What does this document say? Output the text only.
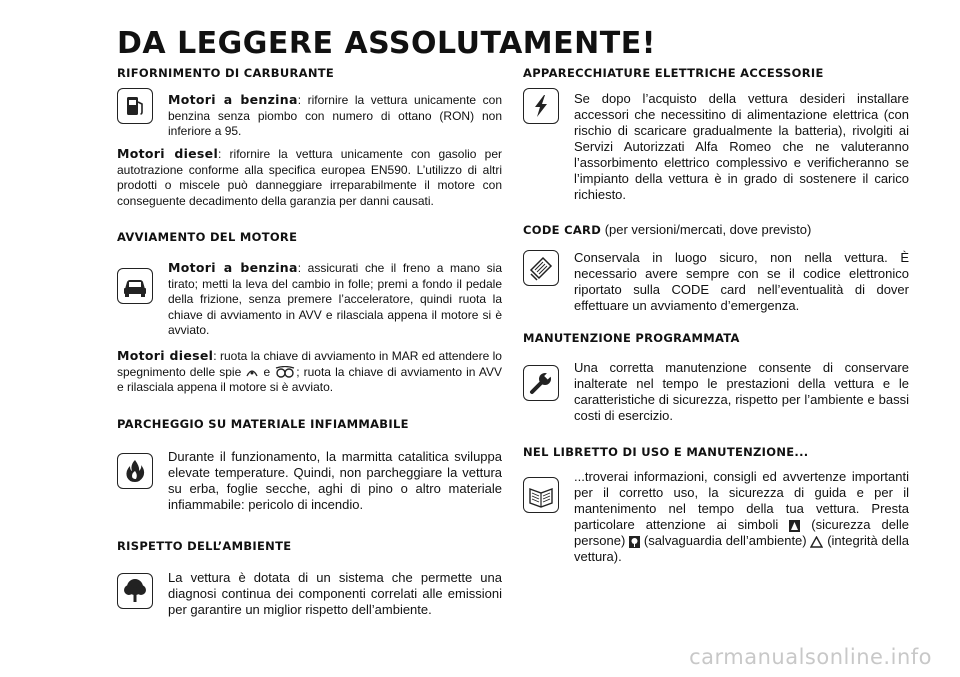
DA LEGGERE ASSOLUTAMENTE!
RIFORNIMENTO DI CARBURANTE
Motori a benzina: rifornire la vettura unicamente con benzina senza piombo con numero di ottano (RON) non inferiore a 95.
Motori diesel: rifornire la vettura unicamente con gasolio per autotrazione conforme alla specifica europea EN590. L’utilizzo di altri prodotti o miscele può danneggiare irreparabilmente il motore con conseguente decadimento della garanzia per danni causati.
AVVIAMENTO DEL MOTORE
Motori a benzina: assicurati che il freno a mano sia tirato; metti la leva del cambio in folle; premi a fondo il pedale della frizione, senza premere l’acceleratore, quindi ruota la chiave di avviamento in AVV e rilasciala appena il motore si è avviato.
Motori diesel: ruota la chiave di avviamento in MAR ed attendere lo spegnimento delle spie e ; ruota la chiave di avviamento in AVV e rilasciala appena il motore si è avviato.
PARCHEGGIO SU MATERIALE INFIAMMABILE
Durante il funzionamento, la marmitta catalitica sviluppa elevate temperature. Quindi, non parcheggiare la vettura su erba, foglie secche, aghi di pino o altro materiale infiammabile: pericolo di incendio.
RISPETTO DELL’AMBIENTE
La vettura è dotata di un sistema che permette una diagnosi continua dei componenti correlati alle emissioni per garantire un miglior rispetto dell’ambiente.
APPARECCHIATURE ELETTRICHE ACCESSORIE
Se dopo l’acquisto della vettura desideri installare accessori che necessitino di alimentazione elettrica (con rischio di scaricare gradualmente la batteria), rivolgiti ai Servizi Autorizzati Alfa Romeo che ne valuteranno l’assorbimento elettrico complessivo e verificheranno se l’impianto della vettura è in grado di sostenere il carico richiesto.
CODE CARD (per versioni/mercati, dove previsto)
Conservala in luogo sicuro, non nella vettura. È necessario avere sempre con se il codice elettronico riportato sulla CODE card nell’eventualità di dover effettuare un avviamento d’emergenza.
MANUTENZIONE PROGRAMMATA
Una corretta manutenzione consente di conservare inalterate nel tempo le prestazioni della vettura e le caratteristiche di sicurezza, rispetto per l’ambiente e bassi costi di esercizio.
NEL LIBRETTO DI USO E MANUTENZIONE...
...troverai informazioni, consigli ed avvertenze importanti per il corretto uso, la sicurezza di guida e per il mantenimento nel tempo della tua vettura. Presta particolare attenzione ai simboli	(sicurezza delle persone) (salvaguardia dell’ambiente) (integrità della vettura).
carmanualsonline.info
